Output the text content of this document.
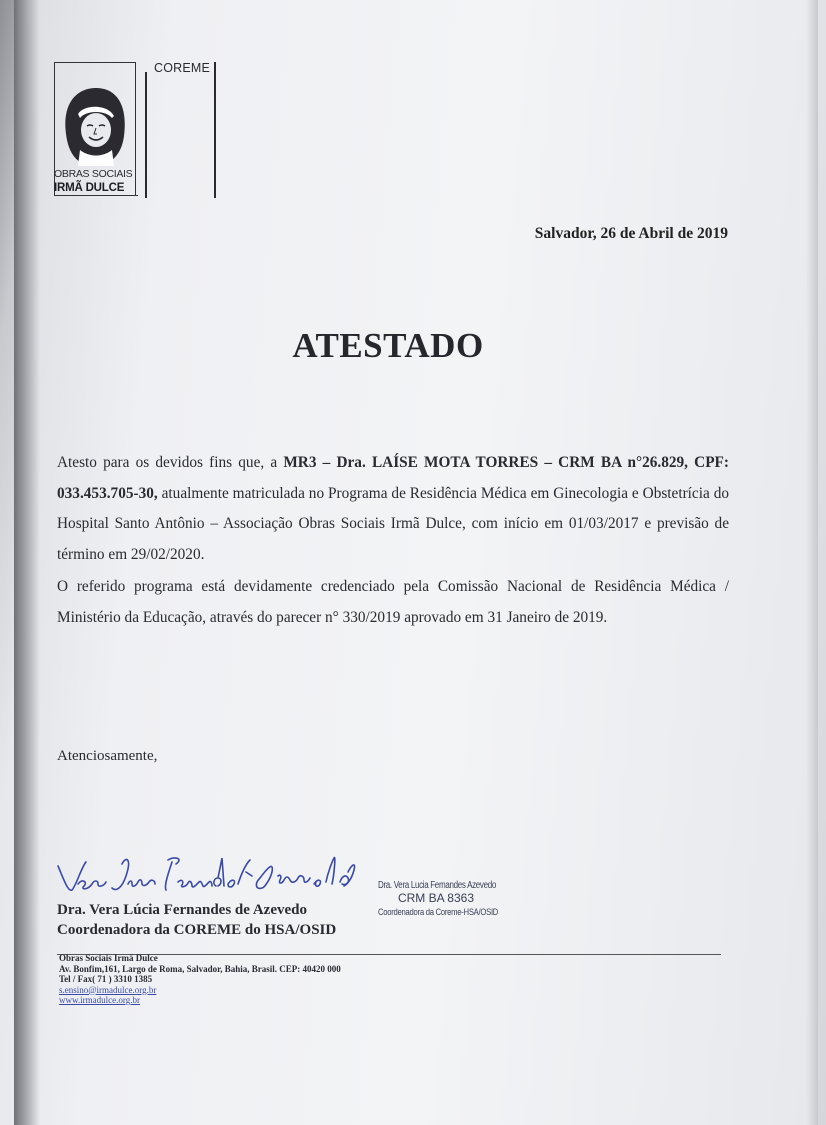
OBRAS SOCIAIS
IRMÃ DULCE
COREME
Salvador, 26 de Abril de 2019
ATESTADO

Atesto para os devidos fins que, a MR3 – Dra. LAÍSE MOTA TORRES – CRM BA n°26.829, CPF: 033.453.705-30, atualmente matriculada no Programa de Residência Médica em Ginecologia e Obstetrícia do Hospital Santo Antônio – Associação Obras Sociais Irmã Dulce, com início em 01/03/2017 e previsão de término em 29/02/2020.

O referido programa está devidamente credenciado pela Comissão Nacional de Residência Médica / Ministério da Educação, através do parecer n° 330/2019 aprovado em 31 Janeiro de 2019.

Atenciosamente,
Dra. Vera Lúcia Fernandes de Azevedo
Coordenadora da COREME do HSA/OSID
Dra. Vera Lucia Fernandes Azevedo
CRM BA 8363
Coordenadora da Coreme-HSA/OSID
Obras Sociais Irmã Dulce
Av. Bonfim,161, Largo de Roma, Salvador, Bahia, Brasil. CEP: 40420 000
Tel / Fax( 71 ) 3310 1385
s.ensino@irmadulce.org.br
www.irmadulce.org.br
